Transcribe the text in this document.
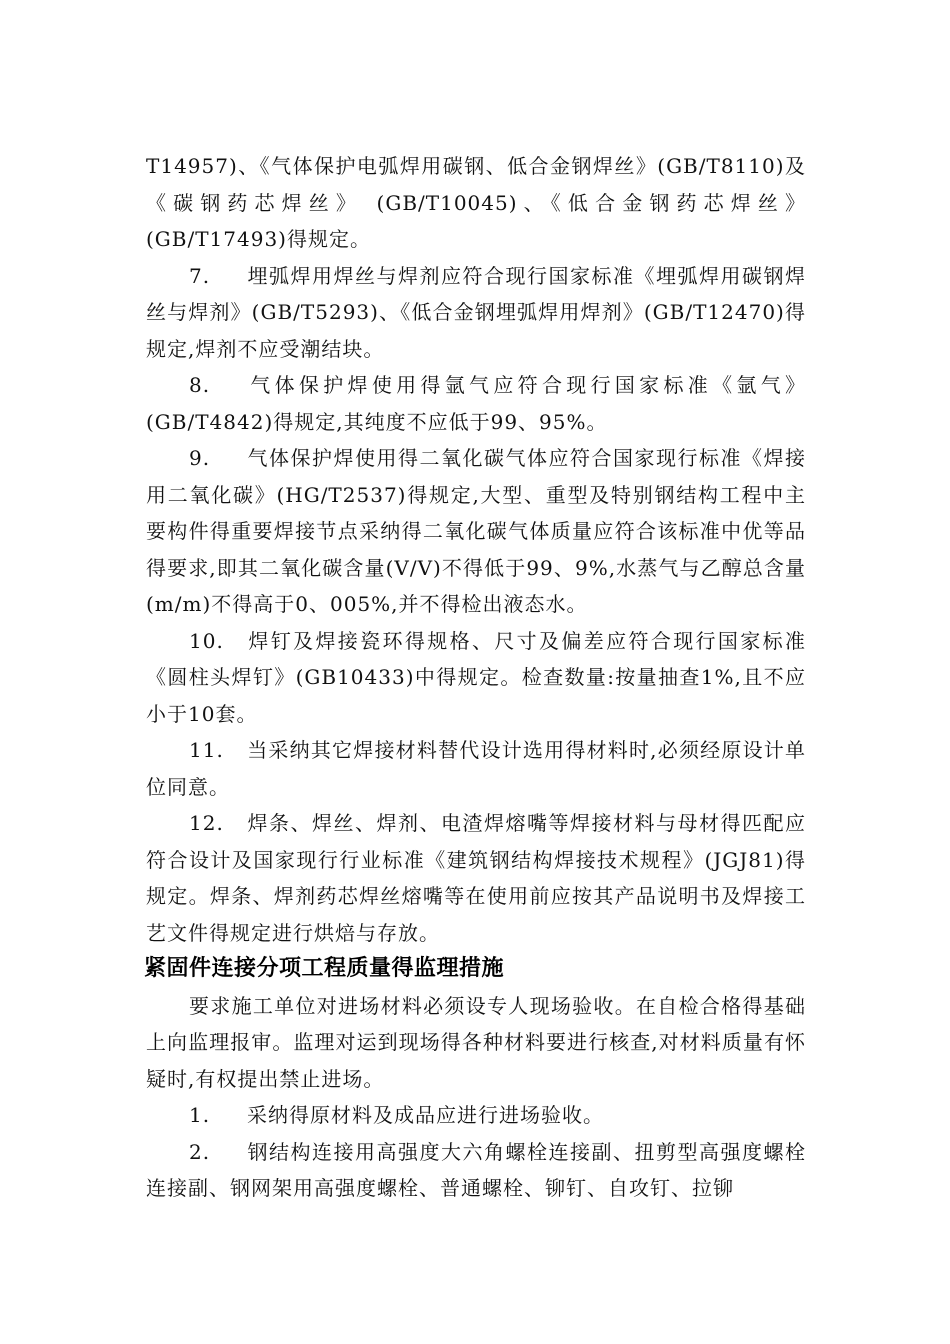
T14957)、《气体保护电弧焊用碳钢、低合金钢焊丝》(GB/T8110)及《碳钢药芯焊丝》 (GB/T10045)、《低合金钢药芯焊丝》(GB/T17493)得规定。

7. 埋弧焊用焊丝与焊剂应符合现行国家标准《埋弧焊用碳钢焊丝与焊剂》(GB/T5293)、《低合金钢埋弧焊用焊剂》(GB/T12470)得规定,焊剂不应受潮结块。

8. 气体保护焊使用得氩气应符合现行国家标准《氩气》(GB/T4842)得规定,其纯度不应低于99、95%。

9. 气体保护焊使用得二氧化碳气体应符合国家现行标准《焊接用二氧化碳》(HG/T2537)得规定,大型、重型及特别钢结构工程中主要构件得重要焊接节点采纳得二氧化碳气体质量应符合该标准中优等品得要求,即其二氧化碳含量(V/V)不得低于99、9%,水蒸气与乙醇总含量(m/m)不得高于0、005%,并不得检出液态水。

10. 焊钉及焊接瓷环得规格、尺寸及偏差应符合现行国家标准《圆柱头焊钉》(GB10433)中得规定。检查数量:按量抽查1%,且不应小于10套。

11. 当采纳其它焊接材料替代设计选用得材料时,必须经原设计单位同意。

12. 焊条、焊丝、焊剂、电渣焊熔嘴等焊接材料与母材得匹配应符合设计及国家现行行业标准《建筑钢结构焊接技术规程》(JGJ81)得规定。焊条、焊剂药芯焊丝熔嘴等在使用前应按其产品说明书及焊接工艺文件得规定进行烘焙与存放。

紧固件连接分项工程质量得监理措施

要求施工单位对进场材料必须设专人现场验收。在自检合格得基础上向监理报审。监理对运到现场得各种材料要进行核查,对材料质量有怀疑时,有权提出禁止进场。

1. 采纳得原材料及成品应进行进场验收。

2. 钢结构连接用高强度大六角螺栓连接副、扭剪型高强度螺栓连接副、钢网架用高强度螺栓、普通螺栓、铆钉、自攻钉、拉铆
